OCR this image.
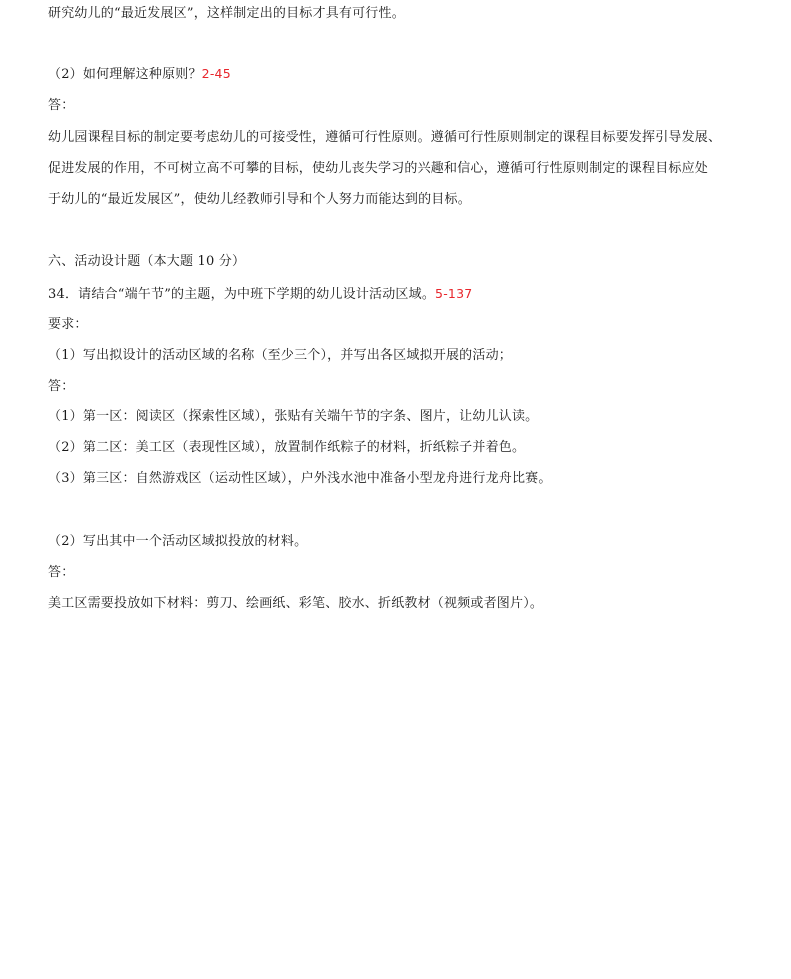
研究幼儿的“最近发展区”，这样制定出的目标才具有可行性。
（2）如何理解这种原则？2-45
答：
幼儿园课程目标的制定要考虑幼儿的可接受性，遵循可行性原则。遵循可行性原则制定的课程目标要发挥引导发展、
促进发展的作用，不可树立高不可攀的目标，使幼儿丧失学习的兴趣和信心，遵循可行性原则制定的课程目标应处
于幼儿的“最近发展区”，使幼儿经教师引导和个人努力而能达到的目标。
六、活动设计题（本大题 10 分）
34．请结合“端午节”的主题，为中班下学期的幼儿设计活动区域。5-137
要求：
（1）写出拟设计的活动区域的名称（至少三个），并写出各区域拟开展的活动；
答：
（1）第一区：阅读区（探索性区域），张贴有关端午节的字条、图片，让幼儿认读。
（2）第二区：美工区（表现性区域），放置制作纸粽子的材料，折纸粽子并着色。
（3）第三区：自然游戏区（运动性区域），户外浅水池中准备小型龙舟进行龙舟比赛。
（2）写出其中一个活动区域拟投放的材料。
答：
美工区需要投放如下材料：剪刀、绘画纸、彩笔、胶水、折纸教材（视频或者图片）。
